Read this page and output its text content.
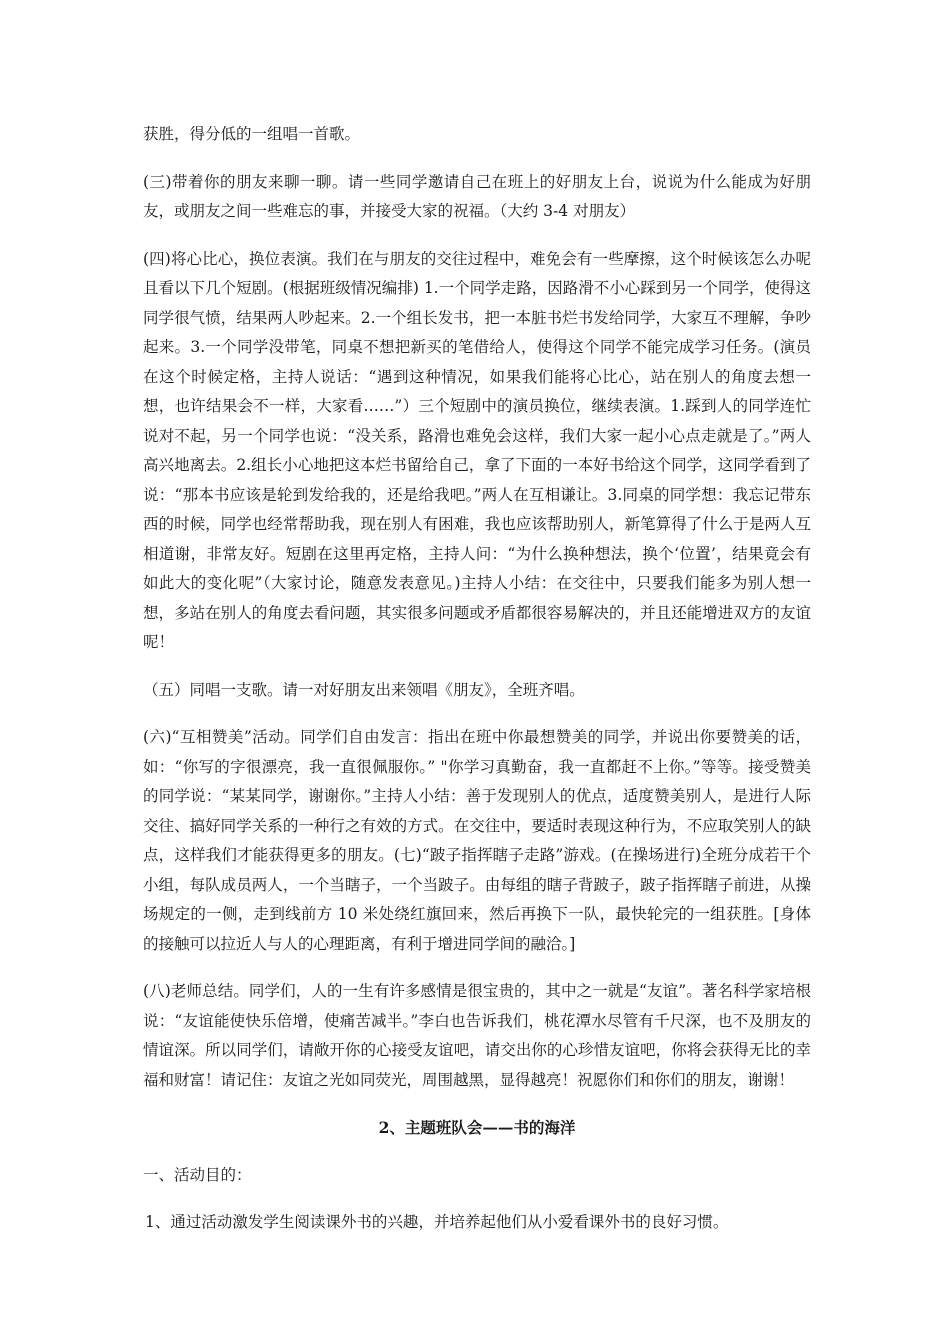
获胜，得分低的一组唱一首歌。

(三)带着你的朋友来聊一聊。请一些同学邀请自己在班上的好朋友上台，说说为什么能成为好朋友，或朋友之间一些难忘的事，并接受大家的祝福。（大约 3-4 对朋友）

(四)将心比心，换位表演。我们在与朋友的交往过程中，难免会有一些摩擦，这个时候该怎么办呢且看以下几个短剧。(根据班级情况编排) 1.一个同学走路，因路滑不小心踩到另一个同学，使得这同学很气愤，结果两人吵起来。2.一个组长发书，把一本脏书烂书发给同学，大家互不理解，争吵起来。3.一个同学没带笔，同桌不想把新买的笔借给人，使得这个同学不能完成学习任务。(演员在这个时候定格，主持人说话：“遇到这种情况，如果我们能将心比心，站在别人的角度去想一想，也许结果会不一样，大家看……”）三个短剧中的演员换位，继续表演。1.踩到人的同学连忙说对不起，另一个同学也说：“没关系，路滑也难免会这样，我们大家一起小心点走就是了。”两人高兴地离去。2.组长小心地把这本烂书留给自己，拿了下面的一本好书给这个同学，这同学看到了说：“那本书应该是轮到发给我的，还是给我吧。”两人在互相谦让。3.同桌的同学想：我忘记带东西的时候，同学也经常帮助我，现在别人有困难，我也应该帮助别人，新笔算得了什么于是两人互相道谢，非常友好。短剧在这里再定格，主持人问：“为什么换种想法，换个‘位置’，结果竟会有如此大的变化呢”（大家讨论，随意发表意见。)主持人小结：在交往中，只要我们能多为别人想一想，多站在别人的角度去看问题，其实很多问题或矛盾都很容易解决的，并且还能增进双方的友谊呢！

（五）同唱一支歌。请一对好朋友出来领唱《朋友》，全班齐唱。

(六)“互相赞美”活动。同学们自由发言：指出在班中你最想赞美的同学，并说出你要赞美的话，如：“你写的字很漂亮，我一直很佩服你。” "你学习真勤奋，我一直都赶不上你。”等等。接受赞美的同学说：“某某同学，谢谢你。”主持人小结：善于发现别人的优点，适度赞美别人，是进行人际交往、搞好同学关系的一种行之有效的方式。在交往中，要适时表现这种行为，不应取笑别人的缺点，这样我们才能获得更多的朋友。(七)“跛子指挥瞎子走路”游戏。(在操场进行)全班分成若干个小组，每队成员两人，一个当瞎子，一个当跛子。由每组的瞎子背跛子，跛子指挥瞎子前进，从操场规定的一侧，走到线前方 10 米处绕红旗回来，然后再换下一队，最快轮完的一组获胜。[身体的接触可以拉近人与人的心理距离，有利于增进同学间的融洽。]

(八)老师总结。同学们，人的一生有许多感情是很宝贵的，其中之一就是“友谊”。著名科学家培根说：“友谊能使快乐倍增，使痛苦减半。”李白也告诉我们，桃花潭水尽管有千尺深，也不及朋友的情谊深。所以同学们，请敞开你的心接受友谊吧，请交出你的心珍惜友谊吧，你将会获得无比的幸福和财富！请记住：友谊之光如同荧光，周围越黑，显得越亮！祝愿你们和你们的朋友，谢谢！

2、主题班队会——书的海洋

一、活动目的：

1、通过活动激发学生阅读课外书的兴趣，并培养起他们从小爱看课外书的良好习惯。
